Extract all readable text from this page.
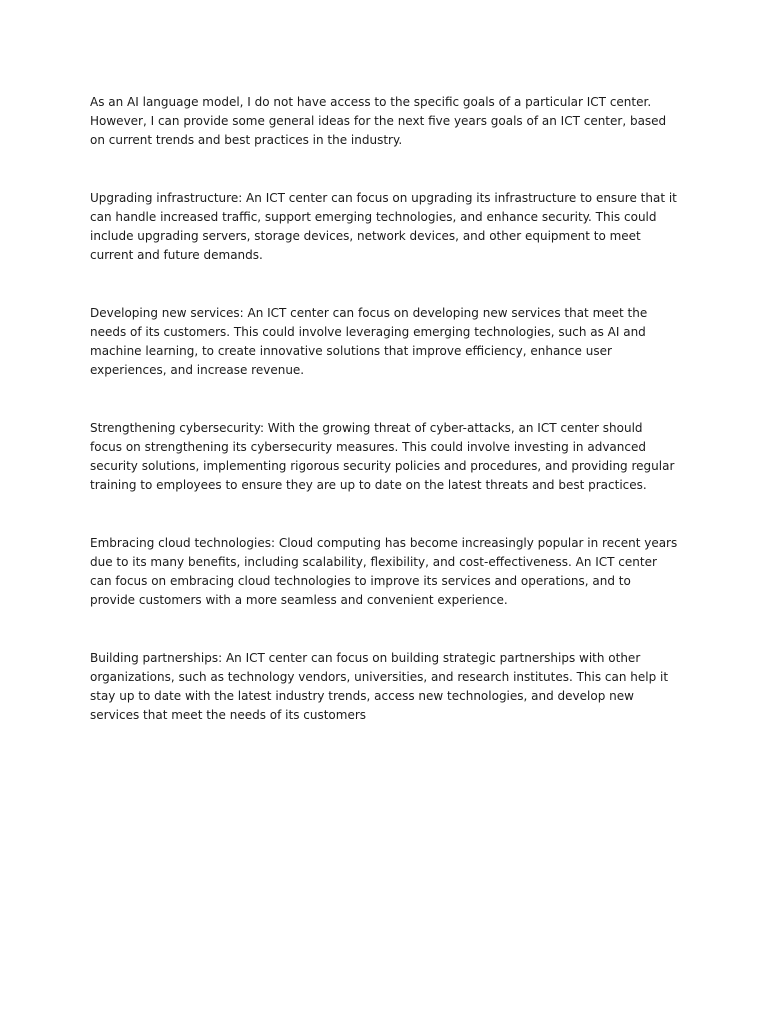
As an AI language model, I do not have access to the specific goals of a particular ICT center. However, I can provide some general ideas for the next five years goals of an ICT center, based on current trends and best practices in the industry.

Upgrading infrastructure: An ICT center can focus on upgrading its infrastructure to ensure that it can handle increased traffic, support emerging technologies, and enhance security. This could include upgrading servers, storage devices, network devices, and other equipment to meet current and future demands.

Developing new services: An ICT center can focus on developing new services that meet the needs of its customers. This could involve leveraging emerging technologies, such as AI and machine learning, to create innovative solutions that improve efficiency, enhance user experiences, and increase revenue.

Strengthening cybersecurity: With the growing threat of cyber-attacks, an ICT center should focus on strengthening its cybersecurity measures. This could involve investing in advanced security solutions, implementing rigorous security policies and procedures, and providing regular training to employees to ensure they are up to date on the latest threats and best practices.

Embracing cloud technologies: Cloud computing has become increasingly popular in recent years due to its many benefits, including scalability, flexibility, and cost-effectiveness. An ICT center can focus on embracing cloud technologies to improve its services and operations, and to provide customers with a more seamless and convenient experience.

Building partnerships: An ICT center can focus on building strategic partnerships with other organizations, such as technology vendors, universities, and research institutes. This can help it stay up to date with the latest industry trends, access new technologies, and develop new services that meet the needs of its customers
